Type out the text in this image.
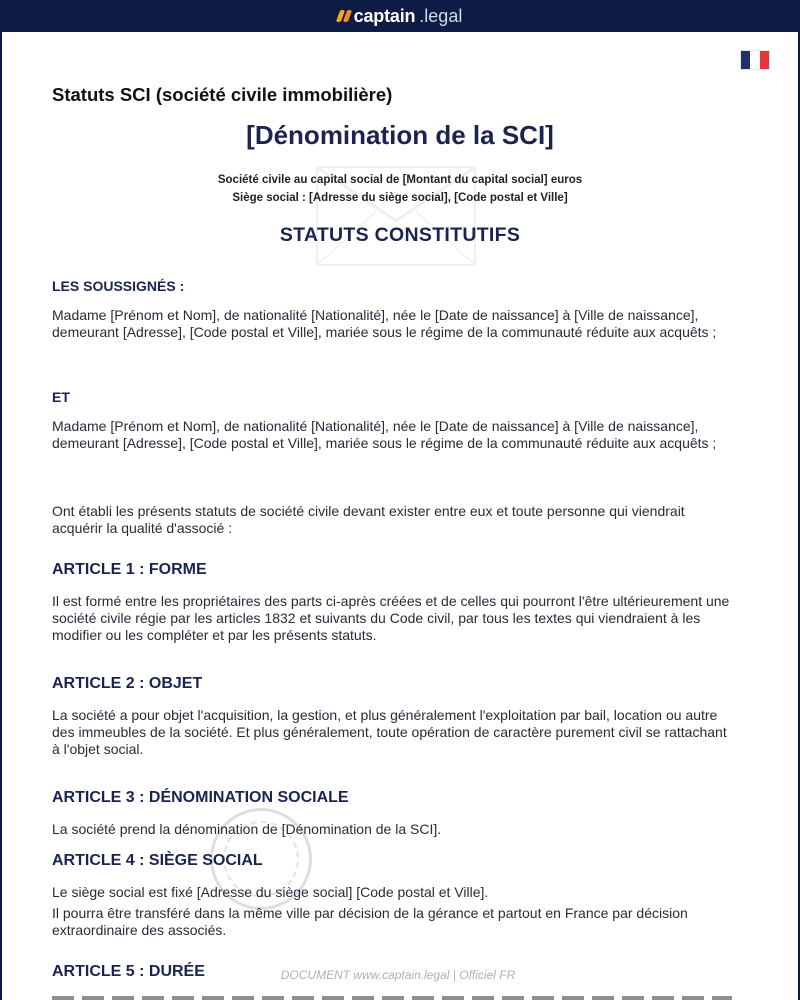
captain .legal
Statuts SCI (société civile immobilière)
[Dénomination de la SCI]
Société civile au capital social de [Montant du capital social] euros
Siège social : [Adresse du siège social], [Code postal et Ville]
STATUTS CONSTITUTIFS
LES SOUSSIGNÉS :
Madame [Prénom et Nom], de nationalité [Nationalité], née le [Date de naissance] à [Ville de naissance], demeurant [Adresse], [Code postal et Ville], mariée sous le régime de la communauté réduite aux acquêts ;
ET
Madame [Prénom et Nom], de nationalité [Nationalité], née le [Date de naissance] à [Ville de naissance], demeurant [Adresse], [Code postal et Ville], mariée sous le régime de la communauté réduite aux acquêts ;
Ont établi les présents statuts de société civile devant exister entre eux et toute personne qui viendrait acquérir la qualité d'associé :
ARTICLE 1 : FORME
Il est formé entre les propriétaires des parts ci-après créées et de celles qui pourront l'être ultérieurement une société civile régie par les articles 1832 et suivants du Code civil, par tous les textes qui viendraient à les modifier ou les compléter et par les présents statuts.
ARTICLE 2 : OBJET
La société a pour objet l'acquisition, la gestion, et plus généralement l'exploitation par bail, location ou autre des immeubles de la société. Et plus généralement, toute opération de caractère purement civil se rattachant à l'objet social.
ARTICLE 3 : DÉNOMINATION SOCIALE
La société prend la dénomination de [Dénomination de la SCI].
ARTICLE 4 : SIÈGE SOCIAL
Le siège social est fixé [Adresse du siège social] [Code postal et Ville].
Il pourra être transféré dans la même ville par décision de la gérance et partout en France par décision extraordinaire des associés.
ARTICLE 5 : DURÉE	DOCUMENT www.captain.legal | Officiel FR
